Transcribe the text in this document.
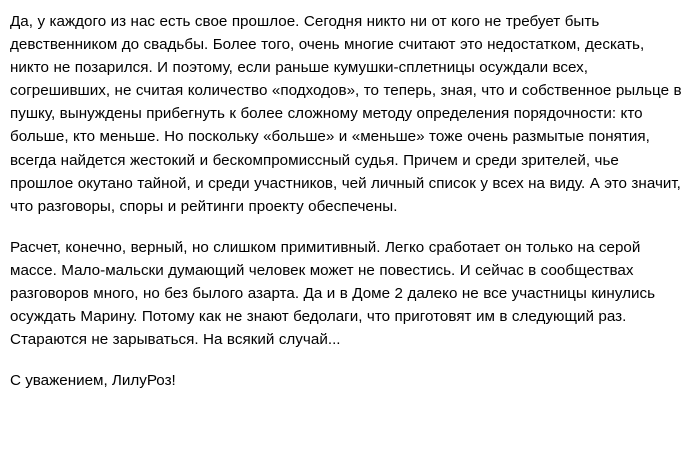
Да, у каждого из нас есть свое прошлое. Сегодня никто ни от кого не требует быть девственником до свадьбы. Более того, очень многие считают это недостатком, дескать, никто не позарился. И поэтому, если раньше кумушки-сплетницы осуждали всех, согрешивших, не считая количество «подходов», то теперь, зная, что и собственное рыльце в пушку, вынуждены прибегнуть к более сложному методу определения порядочности: кто больше, кто меньше. Но поскольку «больше» и «меньше» тоже очень размытые понятия, всегда найдется жестокий и бескомпромиссный судья. Причем и среди зрителей, чье прошлое окутано тайной, и среди участников, чей личный список у всех на виду. А это значит, что разговоры, споры и рейтинги проекту обеспечены.

Расчет, конечно, верный, но слишком примитивный. Легко сработает он только на серой массе. Мало-мальски думающий человек может не повестись. И сейчас в сообществах разговоров много, но без былого азарта. Да и в Доме 2 далеко не все участницы кинулись осуждать Марину. Потому как не знают бедолаги, что приготовят им в следующий раз. Стараются не зарываться. На всякий случай...

С уважением, ЛилуРоз!
